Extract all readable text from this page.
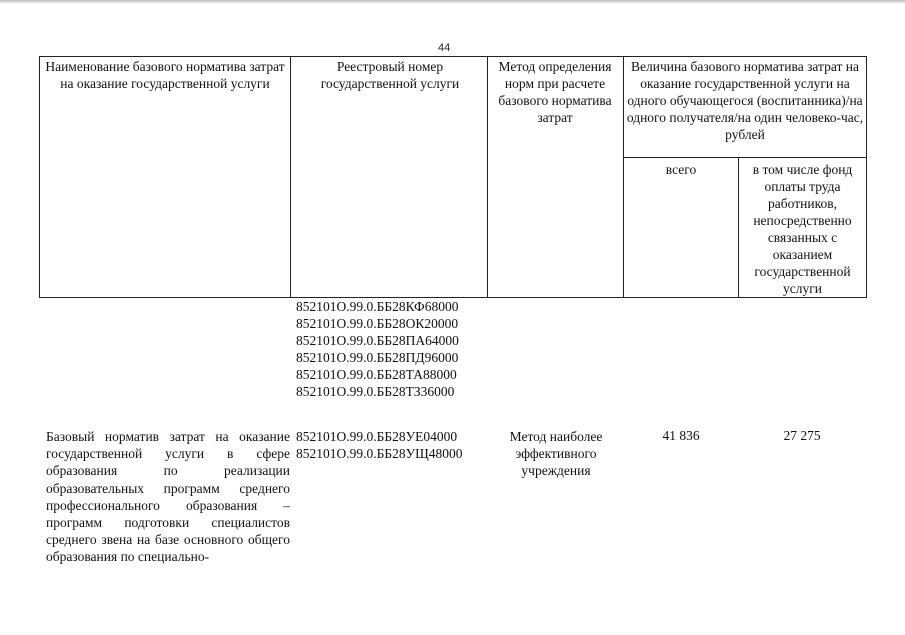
44
Наименование базового норматива затрат на оказание государственной услуги
Реестровый номер государственной услуги
Метод определения норм при расчете базового норматива затрат
Величина базового норматива затрат на оказание государственной услуги на одного обучающегося (воспитанника)/на одного получателя/на один человеко-час, рублей
всего	в том числе фонд оплаты труда работников, непосредственно связанных с оказанием государственной услуги
852101О.99.0.ББ28КФ68000
852101О.99.0.ББ28ОК20000
852101О.99.0.ББ28ПА64000
852101О.99.0.ББ28ПД96000
852101О.99.0.ББ28ТА88000
852101О.99.0.ББ28ТЗ36000
Базовый норматив затрат на оказание государственной услуги в сфере образования по реализации образовательных программ среднего профессионального образования – программ подготовки специалистов среднего звена на базе основного общего образования по специально-
852101О.99.0.ББ28УЕ04000
852101О.99.0.ББ28УЩ48000
Метод наиболее эффективного учреждения
41 836	27 275
